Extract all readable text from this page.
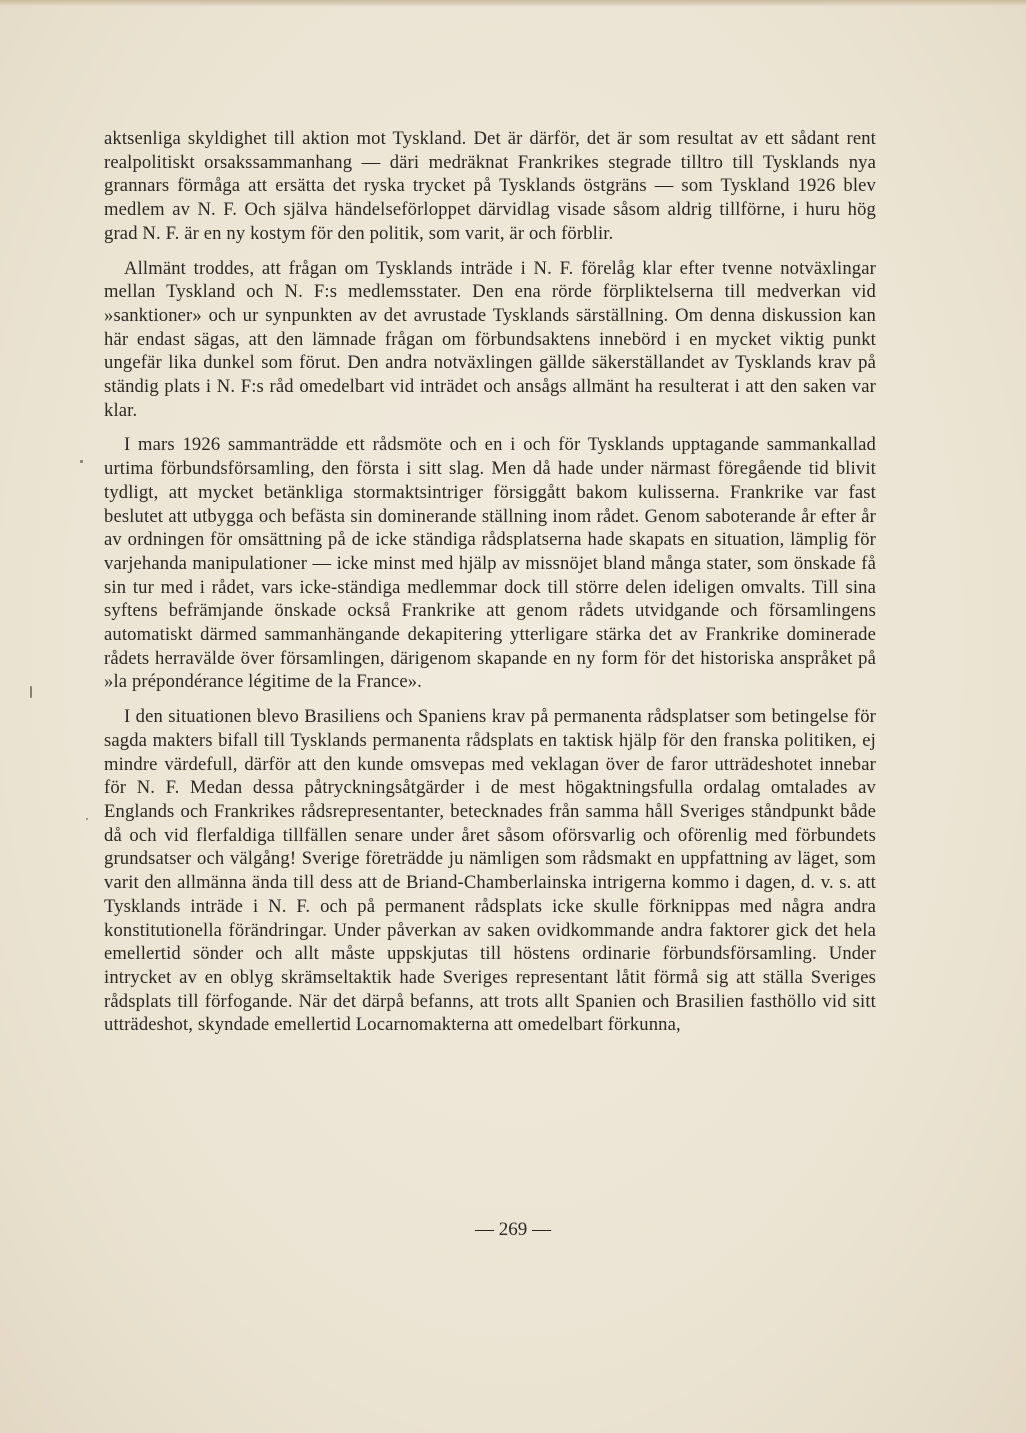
aktsenliga skyldighet till aktion mot Tyskland. Det är därför, det är som resultat av ett sådant rent realpolitiskt orsakssammanhang — däri medräknat Frankrikes stegrade tilltro till Tysklands nya grannars förmåga att ersätta det ryska trycket på Tysklands östgräns — som Tyskland 1926 blev medlem av N. F. Och själva händelseförloppet därvidlag visade såsom aldrig tillförne, i huru hög grad N. F. är en ny kostym för den politik, som varit, är och förblir.

Allmänt troddes, att frågan om Tysklands inträde i N. F. förelåg klar efter tvenne notväxlingar mellan Tyskland och N. F:s medlemsstater. Den ena rörde förpliktelserna till medverkan vid »sanktioner» och ur synpunkten av det avrustade Tysklands särställning. Om denna diskussion kan här endast sägas, att den lämnade frågan om förbundsaktens innebörd i en mycket viktig punkt ungefär lika dunkel som förut. Den andra notväxlingen gällde säkerställandet av Tysklands krav på ständig plats i N. F:s råd omedelbart vid inträdet och ansågs allmänt ha resulterat i att den saken var klar.

I mars 1926 sammanträdde ett rådsmöte och en i och för Tysklands upptagande sammankallad urtima förbundsförsamling, den första i sitt slag. Men då hade under närmast föregående tid blivit tydligt, att mycket betänkliga stormaktsintriger försiggått bakom kulisserna. Frankrike var fast beslutet att utbygga och befästa sin dominerande ställning inom rådet. Genom saboterande år efter år av ordningen för omsättning på de icke ständiga rådsplatserna hade skapats en situation, lämplig för varjehanda manipulationer — icke minst med hjälp av missnöjet bland många stater, som önskade få sin tur med i rådet, vars icke-ständiga medlemmar dock till större delen ideligen omvalts. Till sina syftens befrämjande önskade också Frankrike att genom rådets utvidgande och församlingens automatiskt därmed sammanhängande dekapitering ytterligare stärka det av Frankrike dominerade rådets herravälde över församlingen, därigenom skapande en ny form för det historiska anspråket på »la prépondérance légitime de la France».

I den situationen blevo Brasiliens och Spaniens krav på permanenta rådsplatser som betingelse för sagda makters bifall till Tysklands permanenta rådsplats en taktisk hjälp för den franska politiken, ej mindre värdefull, därför att den kunde omsvepas med veklagan över de faror utträdeshotet innebar för N. F. Medan dessa påtryckningsåtgärder i de mest högaktningsfulla ordalag omtalades av Englands och Frankrikes rådsrepresentanter, betecknades från samma håll Sveriges ståndpunkt både då och vid flerfaldiga tillfällen senare under året såsom oförsvarlig och oförenlig med förbundets grundsatser och välgång! Sverige företrädde ju nämligen som rådsmakt en uppfattning av läget, som varit den allmänna ända till dess att de Briand-Chamberlainska intrigerna kommo i dagen, d. v. s. att Tysklands inträde i N. F. och på permanent rådsplats icke skulle förknippas med några andra konstitutionella förändringar. Under påverkan av saken ovidkommande andra faktorer gick det hela emellertid sönder och allt måste uppskjutas till höstens ordinarie förbundsförsamling. Under intrycket av en oblyg skrämseltaktik hade Sveriges representant låtit förmå sig att ställa Sveriges rådsplats till förfogande. När det därpå befanns, att trots allt Spanien och Brasilien fasthöllo vid sitt utträdeshot, skyndade emellertid Locarnomakterna att omedelbart förkunna,

— 269 —
